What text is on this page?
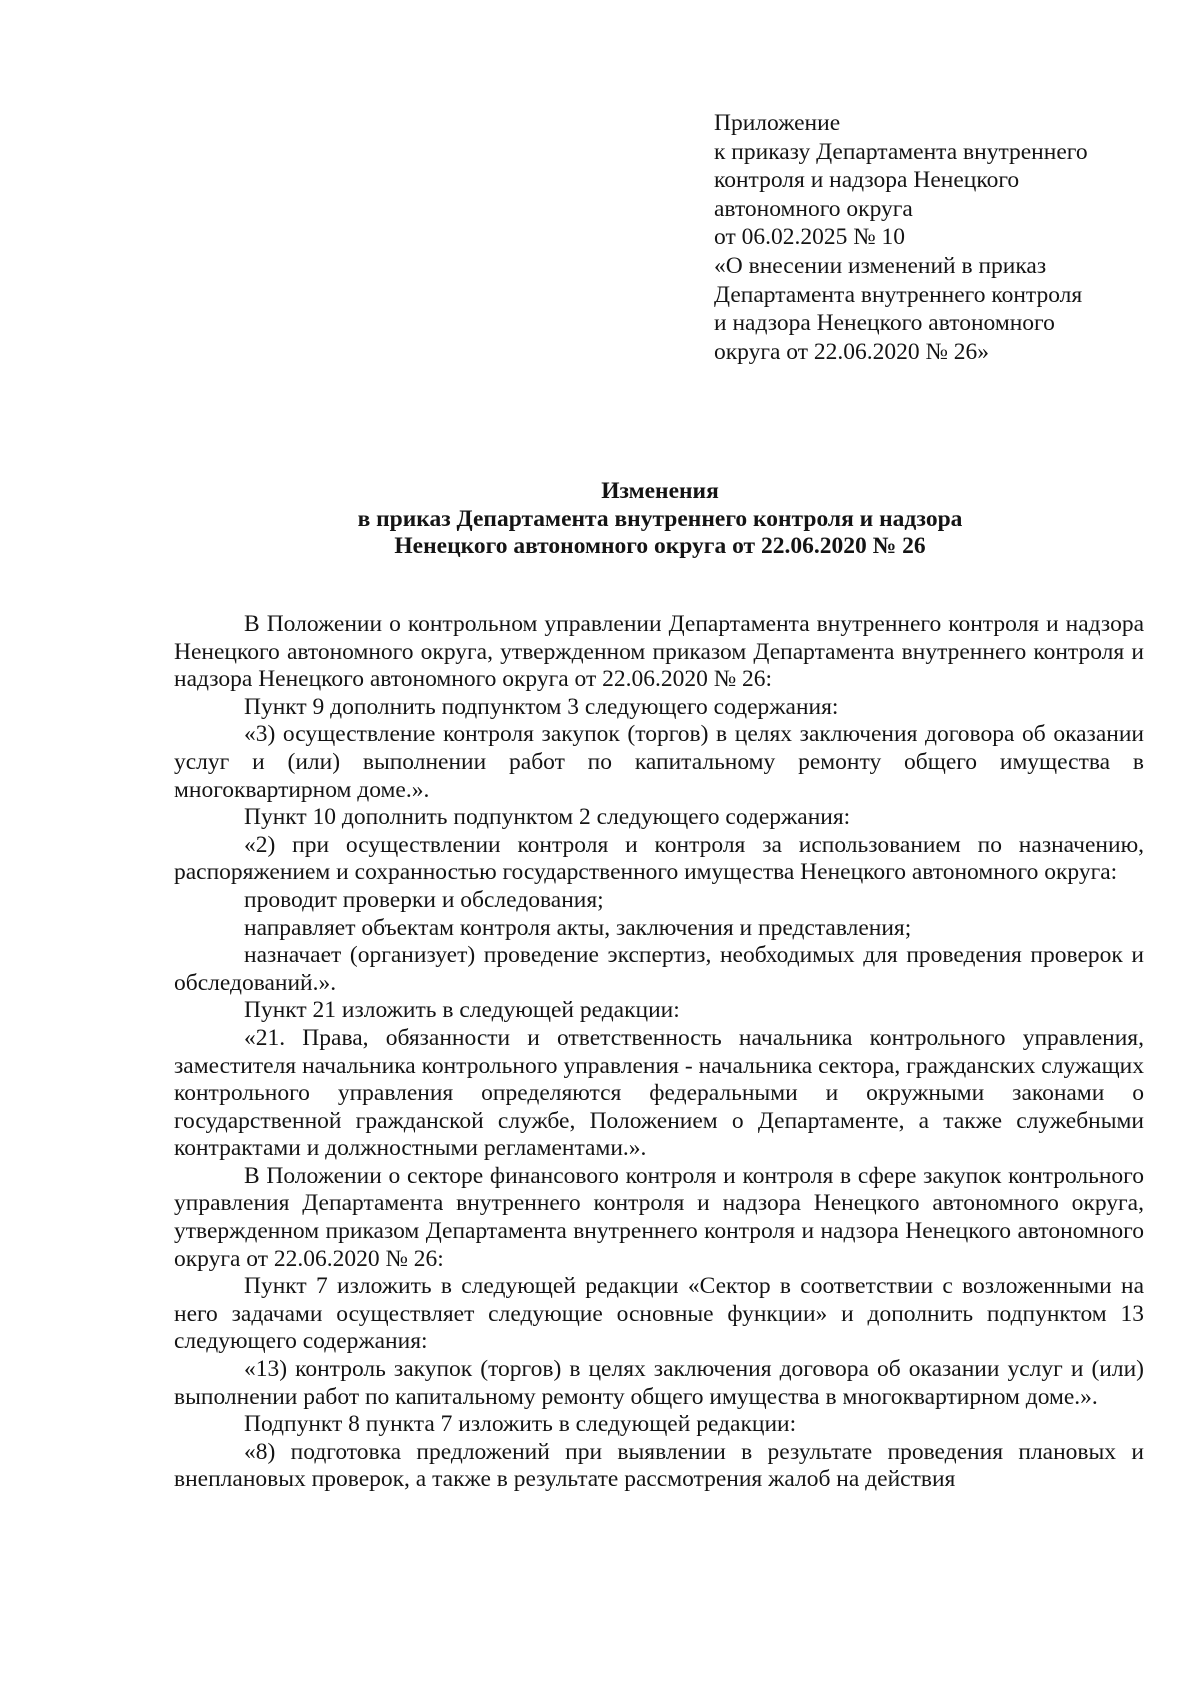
Приложение
к приказу Департамента внутреннего
контроля и надзора Ненецкого
автономного округа
от 06.02.2025 № 10
«О внесении изменений в приказ
Департамента внутреннего контроля
и надзора Ненецкого автономного
округа от 22.06.2020 № 26»
Изменения
в приказ Департамента внутреннего контроля и надзора
Ненецкого автономного округа от 22.06.2020 № 26

В Положении о контрольном управлении Департамента внутреннего контроля и надзора Ненецкого автономного округа, утвержденном приказом Департамента внутреннего контроля и надзора Ненецкого автономного округа от 22.06.2020 № 26:

Пункт 9 дополнить подпунктом 3 следующего содержания:

«3) осуществление контроля закупок (торгов) в целях заключения договора об оказании услуг и (или) выполнении работ по капитальному ремонту общего имущества в многоквартирном доме.».

Пункт 10 дополнить подпунктом 2 следующего содержания:

«2) при осуществлении контроля и контроля за использованием по назначению, распоряжением и сохранностью государственного имущества Ненецкого автономного округа:

проводит проверки и обследования;

направляет объектам контроля акты, заключения и представления;

назначает (организует) проведение экспертиз, необходимых для проведения проверок и обследований.».

Пункт 21 изложить в следующей редакции:

«21. Права, обязанности и ответственность начальника контрольного управления, заместителя начальника контрольного управления - начальника сектора, гражданских служащих контрольного управления определяются федеральными и окружными законами о государственной гражданской службе, Положением о Департаменте, а также служебными контрактами и должностными регламентами.».

В Положении о секторе финансового контроля и контроля в сфере закупок контрольного управления Департамента внутреннего контроля и надзора Ненецкого автономного округа, утвержденном приказом Департамента внутреннего контроля и надзора Ненецкого автономного округа от 22.06.2020 № 26:

Пункт 7 изложить в следующей редакции «Сектор в соответствии с возложенными на него задачами осуществляет следующие основные функции» и дополнить подпунктом 13 следующего содержания:

«13) контроль закупок (торгов) в целях заключения договора об оказании услуг и (или) выполнении работ по капитальному ремонту общего имущества в многоквартирном доме.».

Подпункт 8 пункта 7 изложить в следующей редакции:

«8) подготовка предложений при выявлении в результате проведения плановых и внеплановых проверок, а также в результате рассмотрения жалоб на действия
